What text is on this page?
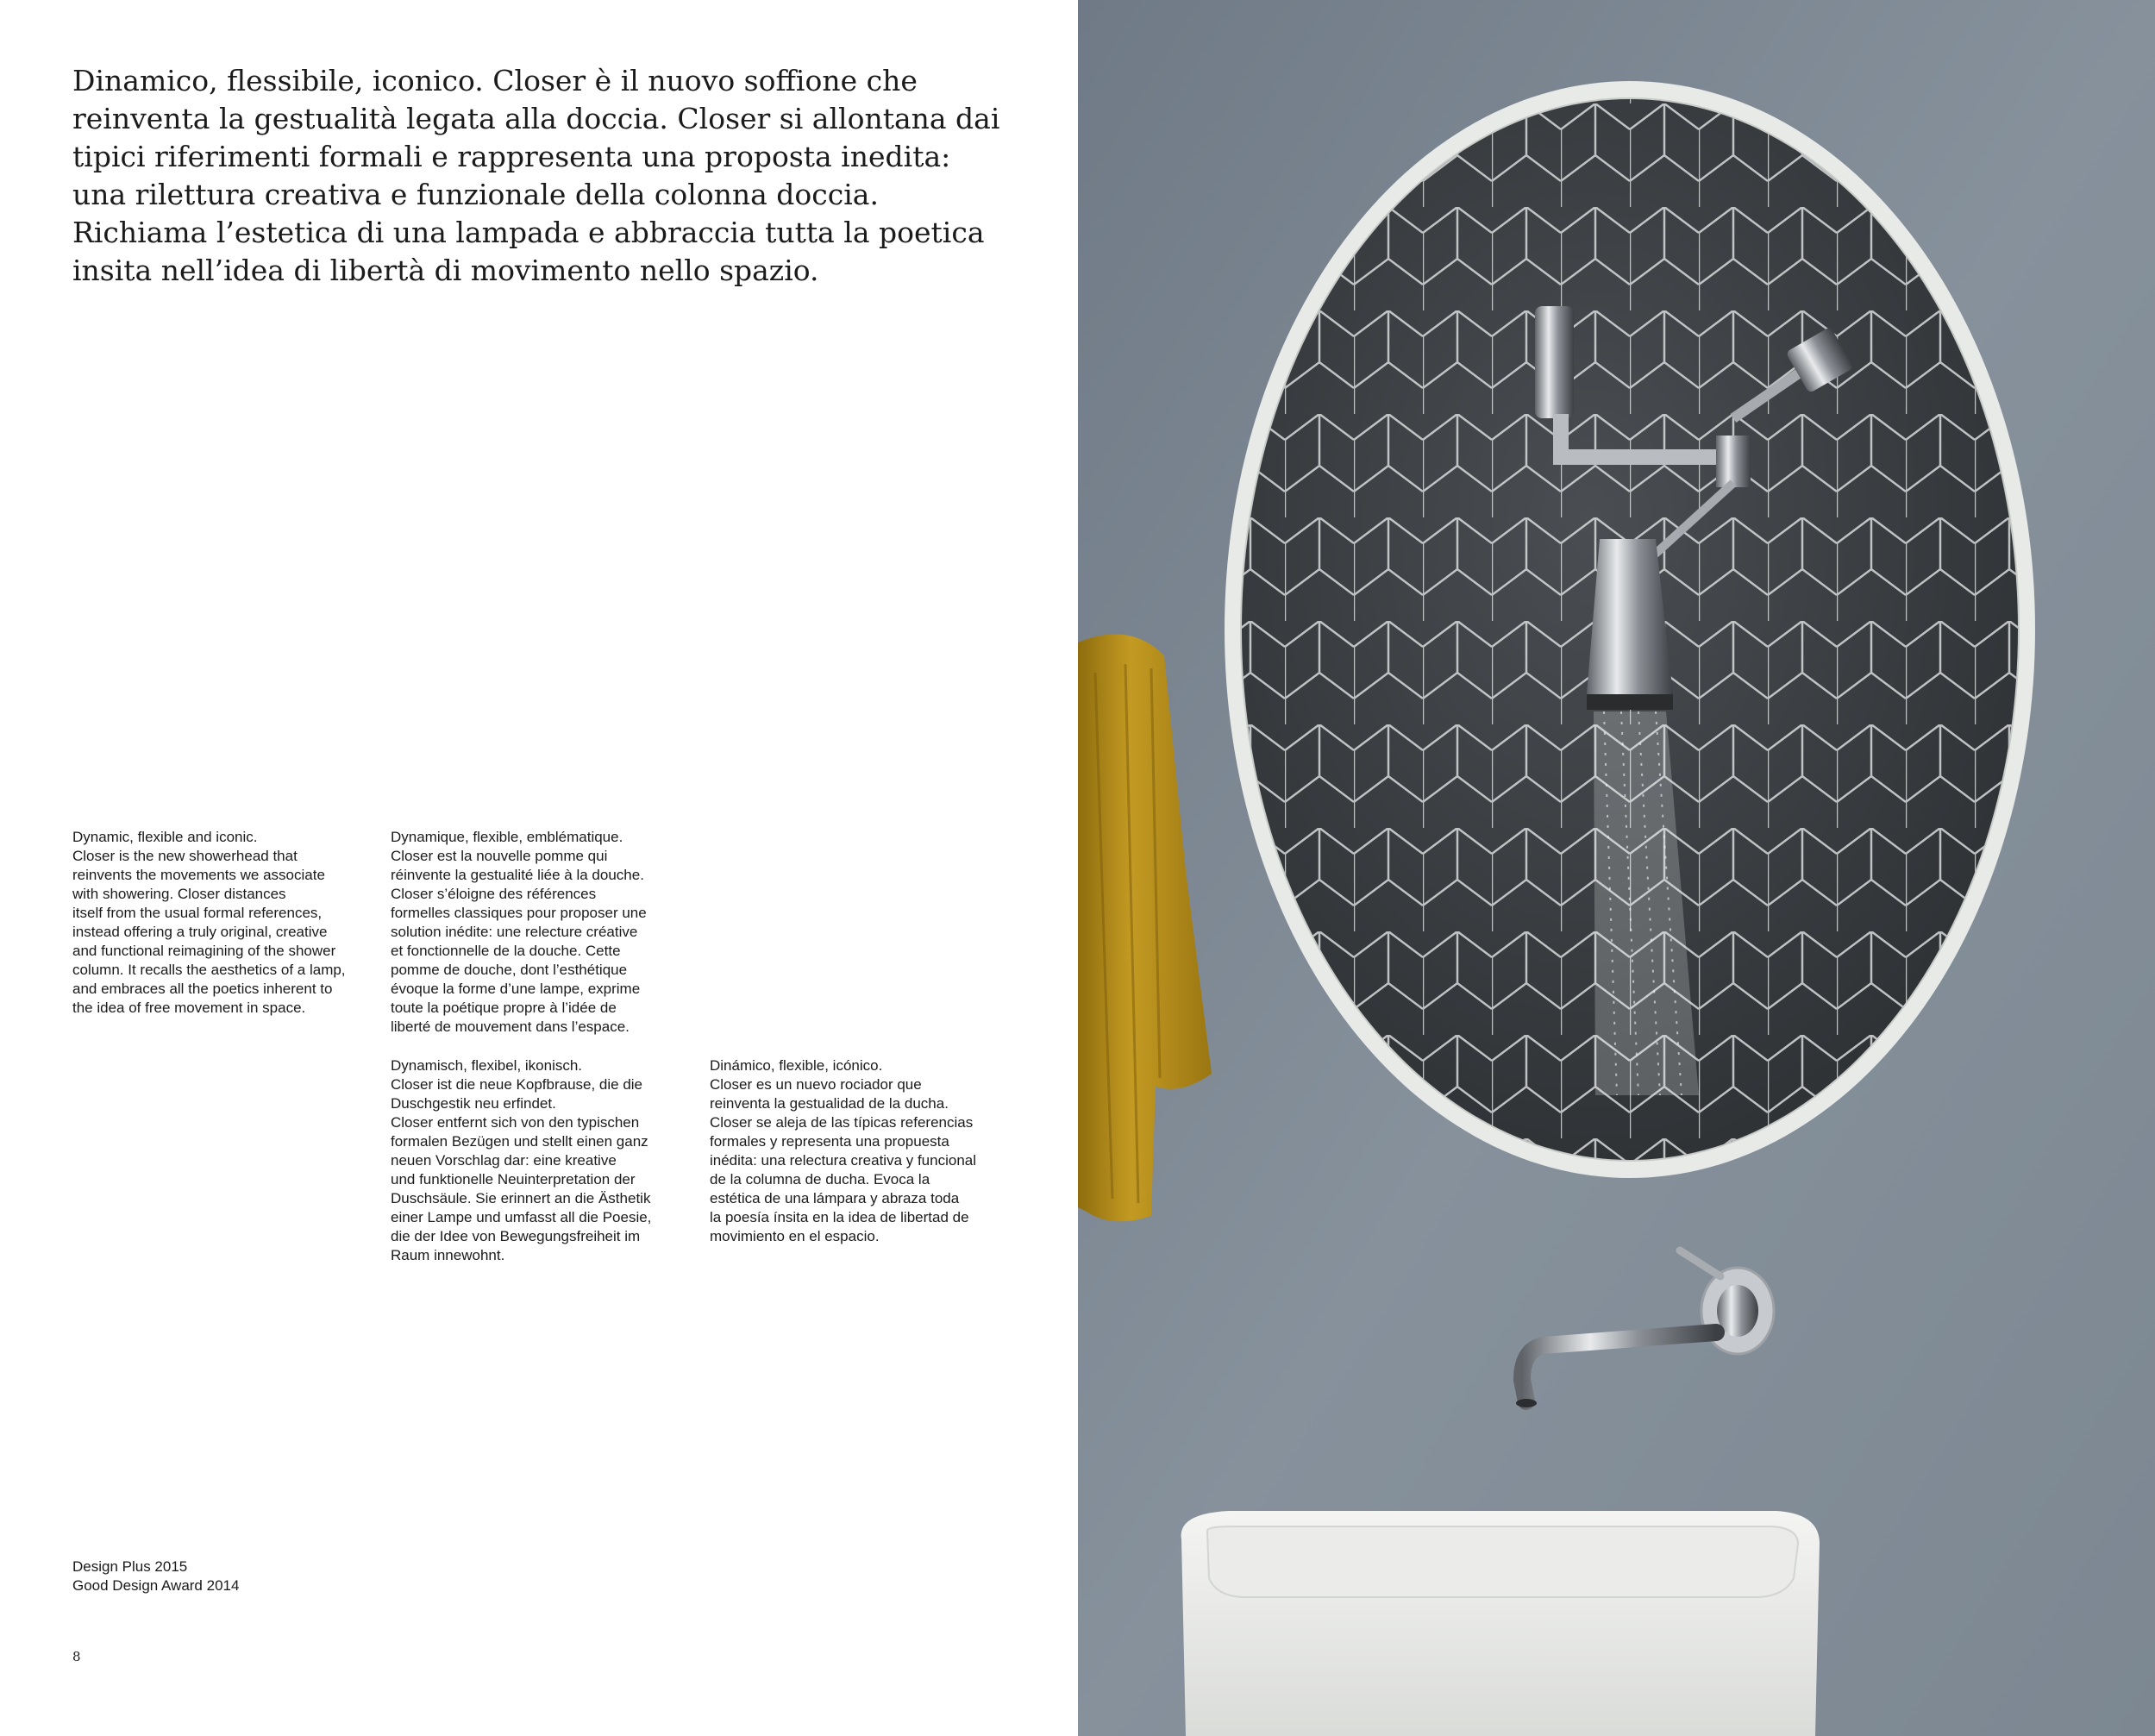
Dinamico, flessibile, iconico. Closer è il nuovo soffione che
reinventa la gestualità legata alla doccia. Closer si allontana dai
tipici riferimenti formali e rappresenta una proposta inedita:
una rilettura creativa e funzionale della colonna doccia.
Richiama l’estetica di una lampada e abbraccia tutta la poetica
insita nell’idea di libertà di movimento nello spazio.

Dynamic, flexible and iconic.
Closer is the new showerhead that
reinvents the movements we associate
with showering. Closer distances
itself from the usual formal references,
instead offering a truly original, creative
and functional reimagining of the shower
column. It recalls the aesthetics of a lamp,
and embraces all the poetics inherent to
the idea of free movement in space.

Dynamique, flexible, emblématique.
Closer est la nouvelle pomme qui
réinvente la gestualité liée à la douche.
Closer s’éloigne des références
formelles classiques pour proposer une
solution inédite: une relecture créative
et fonctionnelle de la douche. Cette
pomme de douche, dont l’esthétique
évoque la forme d’une lampe, exprime
toute la poétique propre à l’idée de
liberté de mouvement dans l’espace.

Dynamisch, flexibel, ikonisch.
Closer ist die neue Kopfbrause, die die
Duschgestik neu erfindet.
Closer entfernt sich von den typischen
formalen Bezügen und stellt einen ganz
neuen Vorschlag dar: eine kreative
und funktionelle Neuinterpretation der
Duschsäule. Sie erinnert an die Ästhetik
einer Lampe und umfasst all die Poesie,
die der Idee von Bewegungsfreiheit im
Raum innewohnt.

Dinámico, flexible, icónico.
Closer es un nuevo rociador que
reinventa la gestualidad de la ducha.
Closer se aleja de las típicas referencias
formales y representa una propuesta
inédita: una relectura creativa y funcional
de la columna de ducha. Evoca la
estética de una lámpara y abraza toda
la poesía ínsita en la idea de libertad de
movimiento en el espacio.

Design Plus 2015
Good Design Award 2014

8
